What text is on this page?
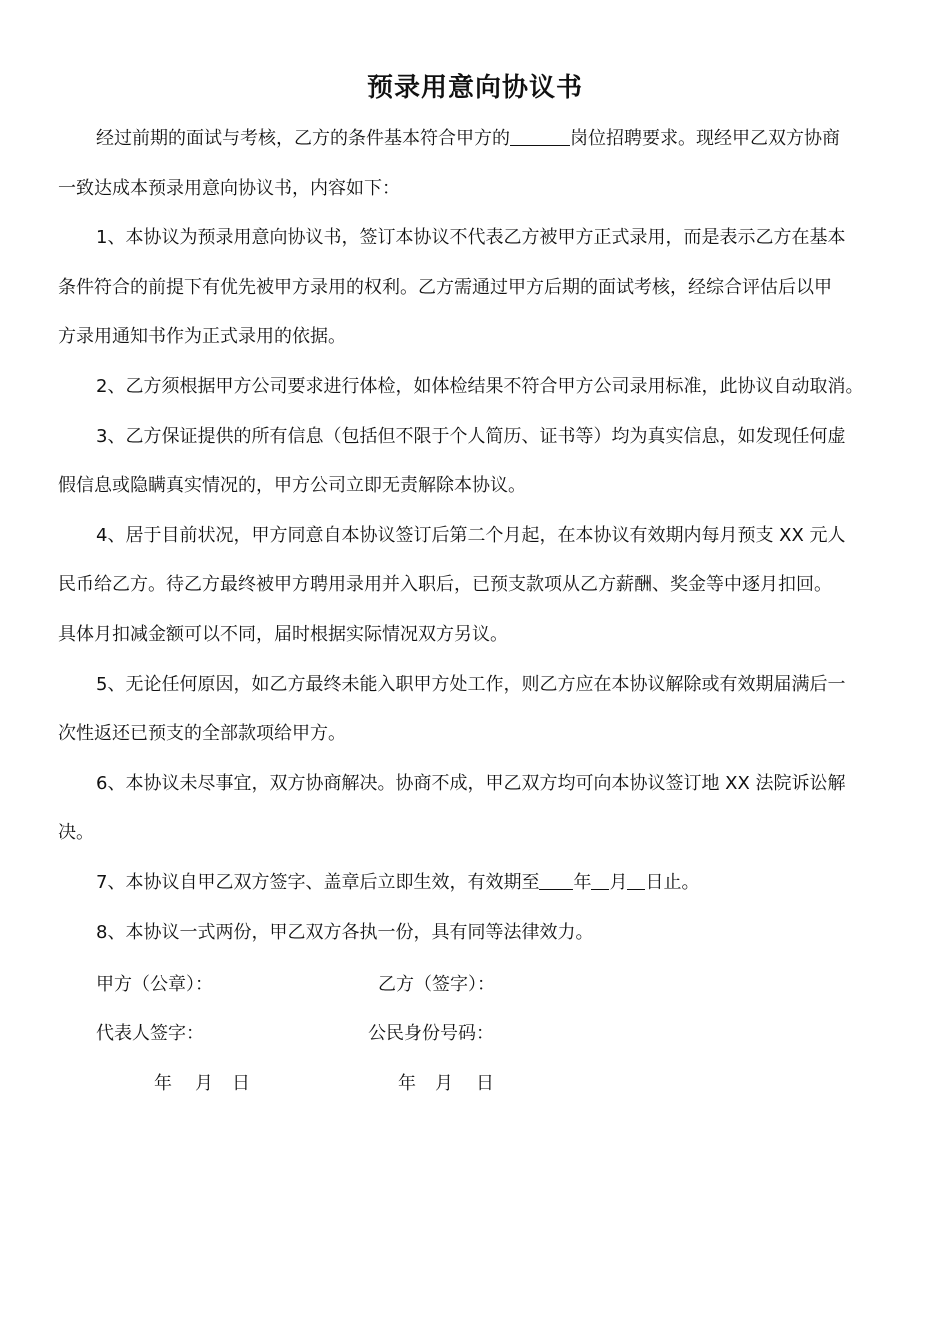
预录用意向协议书

经过前期的面试与考核，乙方的条件基本符合甲方的	岗位招聘要求。现经甲乙双方协商
一致达成本预录用意向协议书，内容如下：

1、本协议为预录用意向协议书，签订本协议不代表乙方被甲方正式录用，而是表示乙方在基本
条件符合的前提下有优先被甲方录用的权利。乙方需通过甲方后期的面试考核，经综合评估后以甲
方录用通知书作为正式录用的依据。

2、乙方须根据甲方公司要求进行体检，如体检结果不符合甲方公司录用标准，此协议自动取消。

3、乙方保证提供的所有信息（包括但不限于个人简历、证书等）均为真实信息，如发现任何虚
假信息或隐瞒真实情况的，甲方公司立即无责解除本协议。

4、居于目前状况，甲方同意自本协议签订后第二个月起，在本协议有效期内每月预支 XX 元人
民币给乙方。待乙方最终被甲方聘用录用并入职后，已预支款项从乙方薪酬、奖金等中逐月扣回。
具体月扣减金额可以不同，届时根据实际情况双方另议。

5、无论任何原因，如乙方最终未能入职甲方处工作，则乙方应在本协议解除或有效期届满后一
次性返还已预支的全部款项给甲方。

6、本协议未尽事宜，双方协商解决。协商不成，甲乙双方均可向本协议签订地 XX 法院诉讼解
决。

7、本协议自甲乙双方签字、盖章后立即生效，有效期至 年 月 日止。

8、本协议一式两份，甲乙双方各执一份，具有同等法律效力。

甲方（公章）：	乙方（签字）：
代表人签字：	公民身份号码：
年 月 日	年 月 日
